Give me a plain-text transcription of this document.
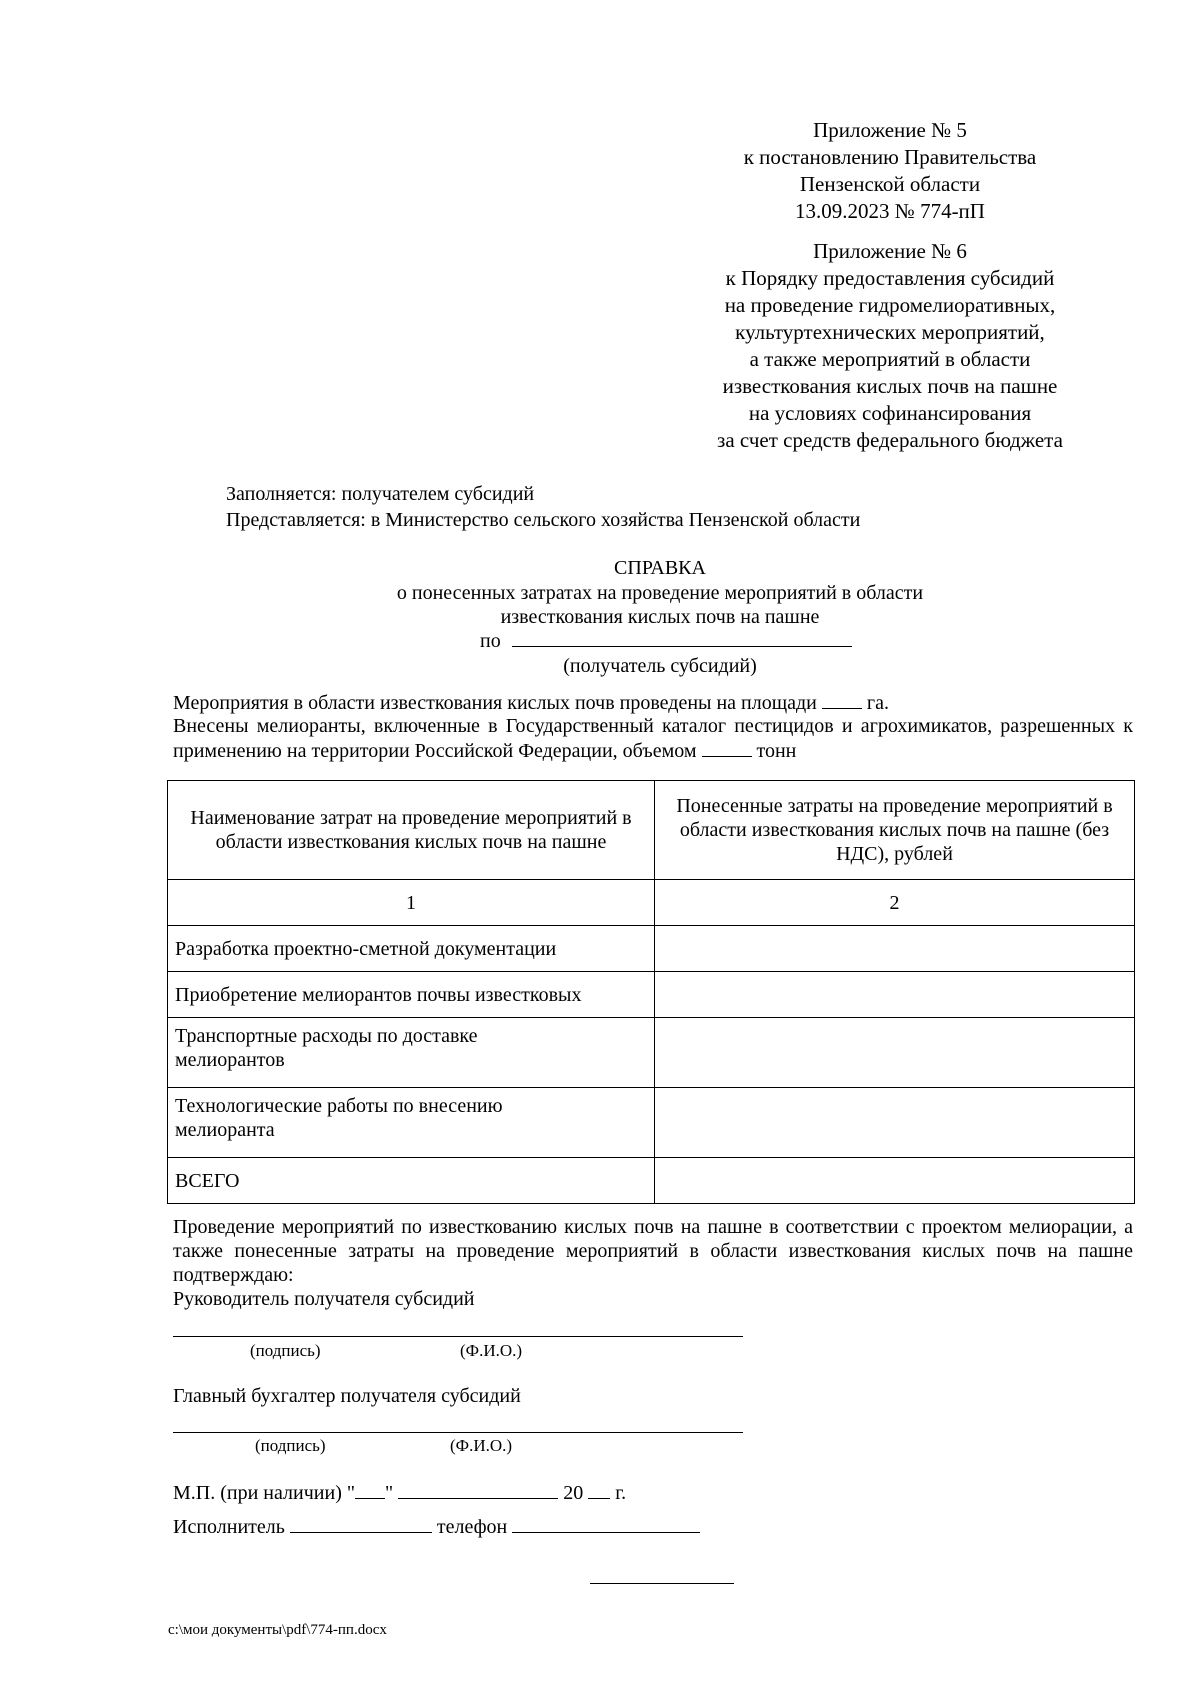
Приложение № 5
к постановлению Правительства
Пензенской области
13.09.2023 № 774-пП
Приложение № 6
к Порядку предоставления субсидий
на проведение гидромелиоративных,
культуртехнических мероприятий,
а также мероприятий в области
известкования кислых почв на пашне
на условиях софинансирования
за счет средств федерального бюджета
Заполняется: получателем субсидий
Представляется: в Министерство сельского хозяйства Пензенской области
СПРАВКА
о понесенных затратах на проведение мероприятий в области
известкования кислых почв на пашне
по
(получатель субсидий)
Мероприятия в области известкования кислых почв проведены на площади	га.
Внесены мелиоранты, включенные в Государственный каталог пестицидов и агрохимикатов, разрешенных к применению на территории Российской Федерации, объемом	тонн
Наименование затрат на проведение мероприятий в области известкования кислых почв на пашне	Понесенные затраты на проведение мероприятий в области известкования кислых почв на пашне (без НДС), рублей
1	2
Разработка проектно-сметной документации	
Приобретение мелиорантов почвы известковых	
Транспортные расходы по доставке мелиорантов	
Технологические работы по внесению мелиоранта	
ВСЕГО	
Проведение мероприятий по известкованию кислых почв на пашне в соответствии с проектом мелиорации, а также понесенные затраты на проведение мероприятий в области известкования кислых почв на пашне подтверждаю:
Руководитель получателя субсидий
(подпись)	(Ф.И.О.)
Главный бухгалтер получателя субсидий
(подпись)	(Ф.И.О.)
М.П. (при наличии) " "	20 г.
Исполнитель	телефон
c:\мои документы\pdf\774-пп.docx
